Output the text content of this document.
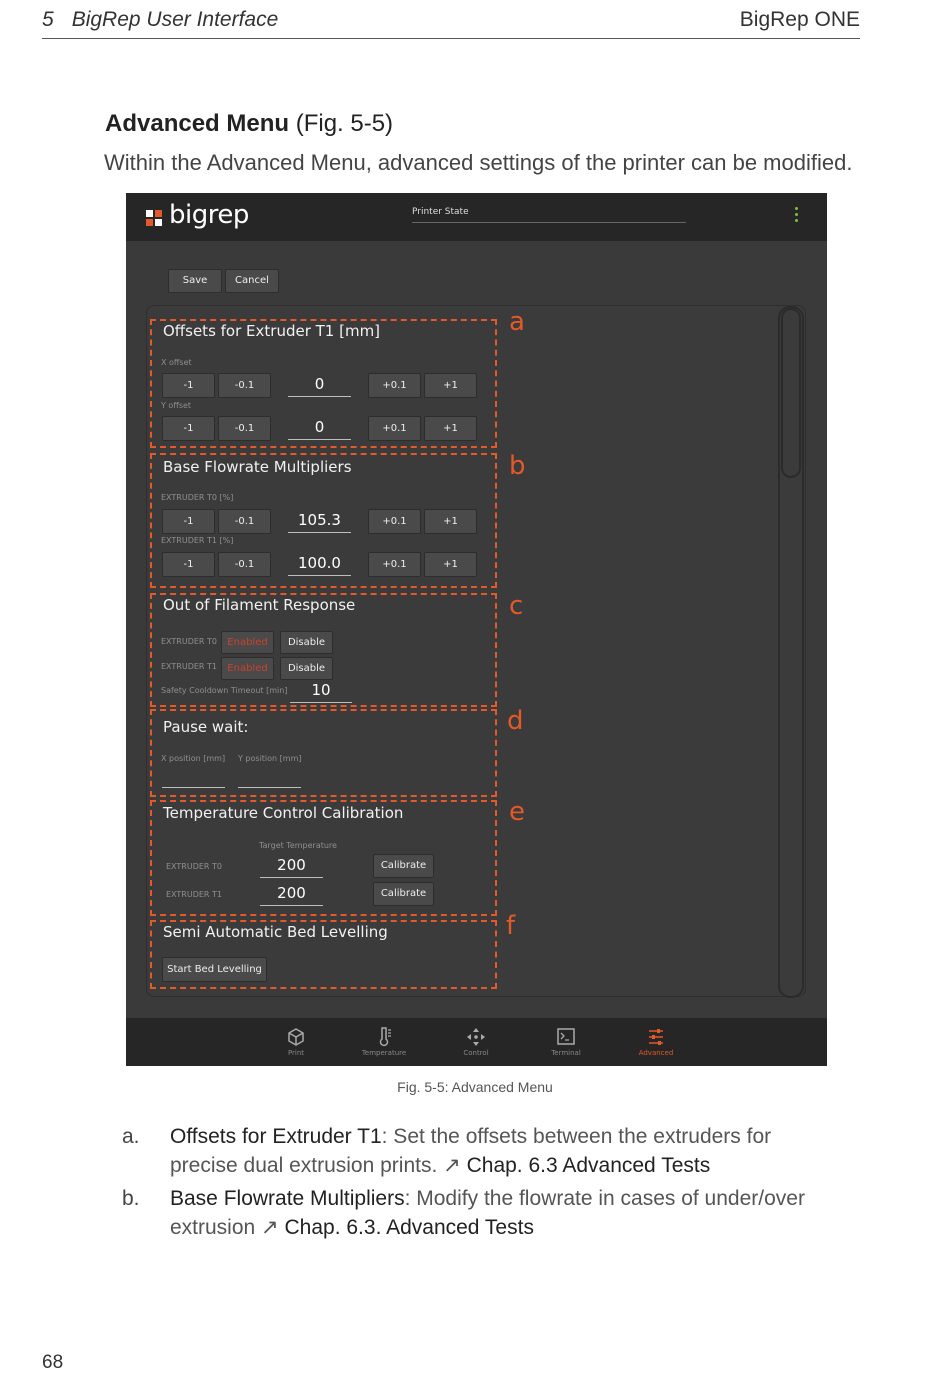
5 BigRep User Interface	BigRep ONE
Advanced Menu (Fig. 5-5)
Within the Advanced Menu, advanced settings of the printer can be modified.
bigrep	Printer State
Save	Cancel
a
Offsets for Extruder T1 [mm]
X offset
-1	-0.1	0	+0.1	+1
Y offset
-1	-0.1	0	+0.1	+1
b
Base Flowrate Multipliers
EXTRUDER T0 [%]
-1	-0.1	105.3	+0.1	+1
EXTRUDER T1 [%]
-1	-0.1	100.0	+0.1	+1
c
Out of Filament Response
EXTRUDER T0	Enabled	Disable
EXTRUDER T1	Enabled	Disable
Safety Cooldown Timeout [min]	10
d
Pause wait:
X position [mm] Y position [mm]
e
Temperature Control Calibration
Target Temperature
EXTRUDER T0	200	Calibrate
EXTRUDER T1	200	Calibrate
f
Semi Automatic Bed Levelling
Start Bed Levelling
Print	Temperature	Control	Terminal	Advanced
Fig. 5-5: Advanced Menu
a. Offsets for Extruder T1: Set the offsets between the extruders for precise dual extrusion prints. ↗ Chap. 6.3 Advanced Tests
b. Base Flowrate Multipliers: Modify the flowrate in cases of under/over extrusion ↗ Chap. 6.3. Advanced Tests
68
